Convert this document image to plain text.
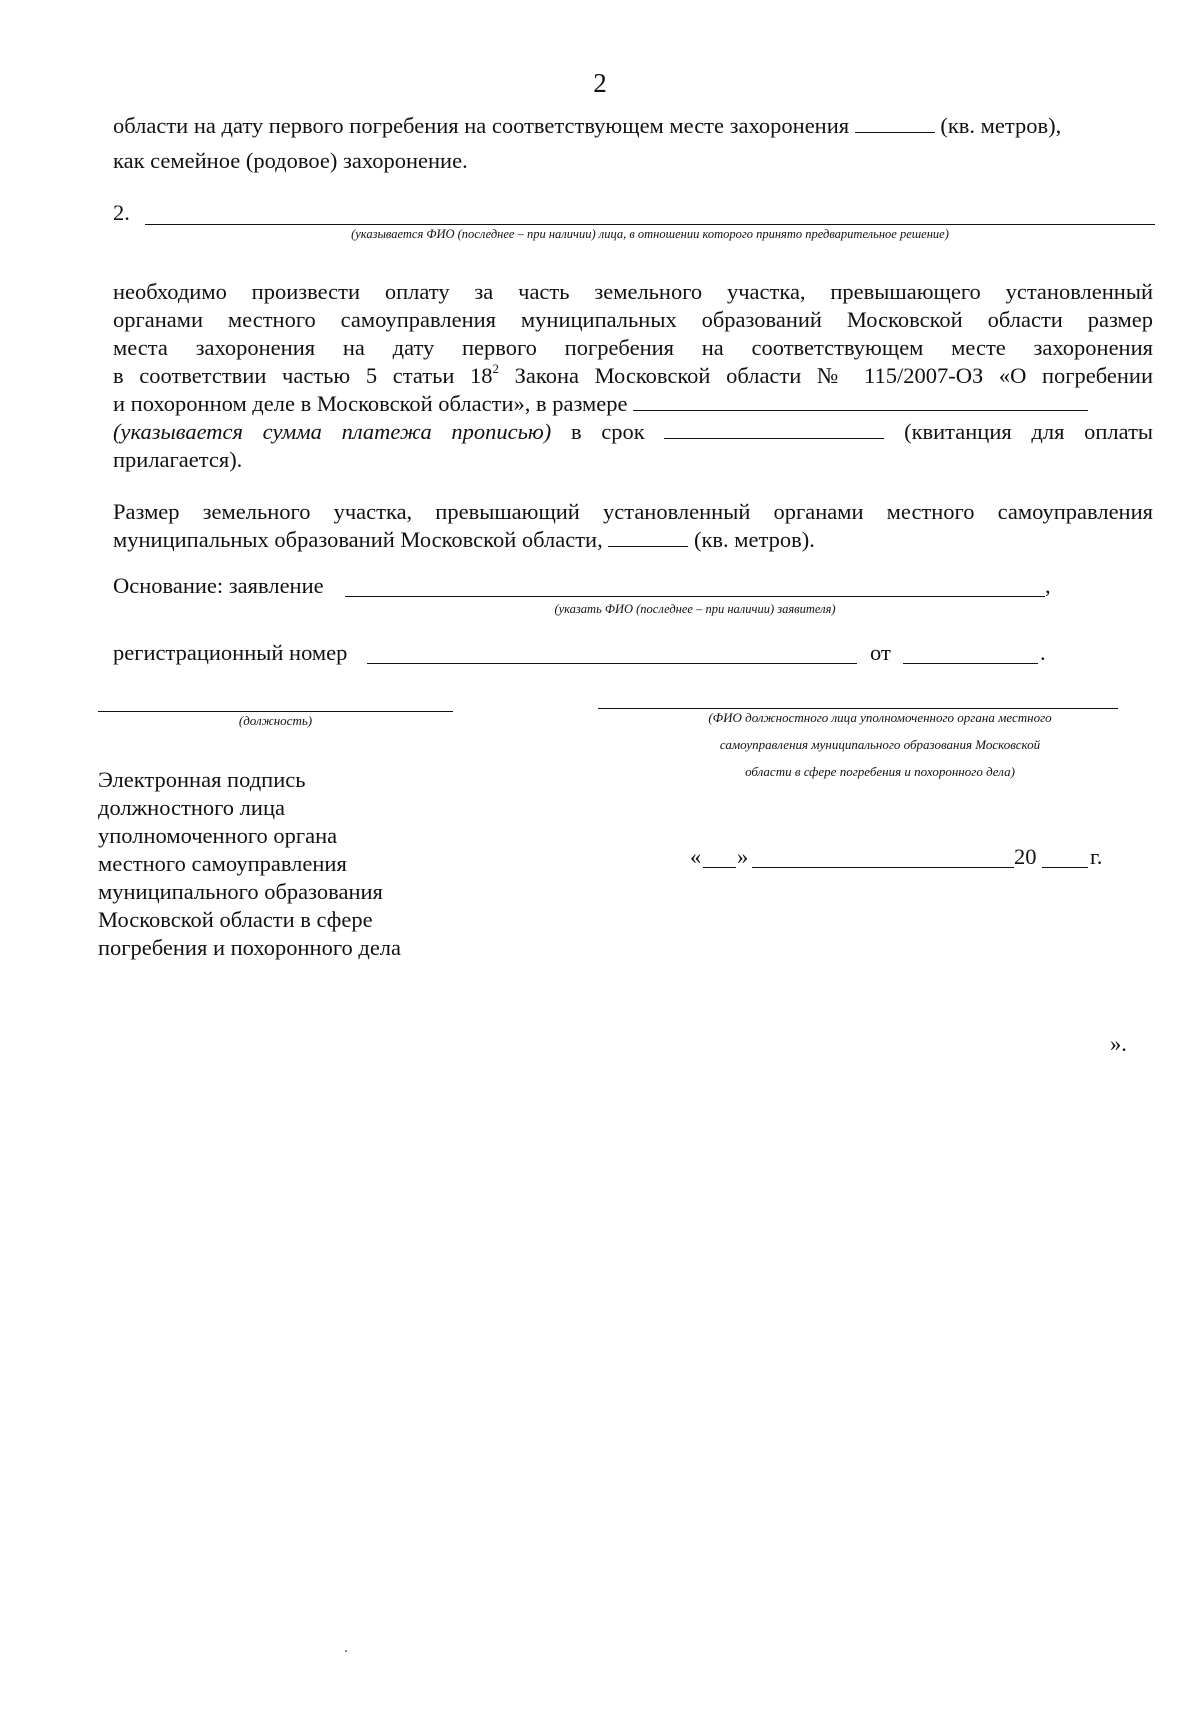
2
области на дату первого погребения на соответствующем месте захоронения	(кв. метров),
как семейное (родовое) захоронение.
2.
(указывается ФИО (последнее – при наличии) лица, в отношении которого принято предварительное решение)
необходимо произвести оплату за часть земельного участка, превышающего установленный
органами местного самоуправления муниципальных образований Московской области размер
места захоронения на дату первого погребения на соответствующем месте захоронения
в соответствии частью 5 статьи $18^2$ Закона Московской области № 115/2007-ОЗ «О погребении
и похоронном деле в Московской области», в размере
(указывается сумма платежа прописью) в срок	(квитанция для оплаты
прилагается).
Размер земельного участка, превышающий установленный органами местного самоуправления
муниципальных образований Московской области,	(кв. метров).
Основание: заявление	,
(указать ФИО (последнее – при наличии) заявителя)
регистрационный номер	от	.
(должность)	(ФИО должностного лица уполномоченного органа местного
самоуправления муниципального образования Московской
области в сфере погребения и похоронного дела)
Электронная подпись
должностного лица
уполномоченного органа
местного самоуправления
муниципального образования
Московской области в сфере
погребения и похоронного дела
« »	20 г.
».
